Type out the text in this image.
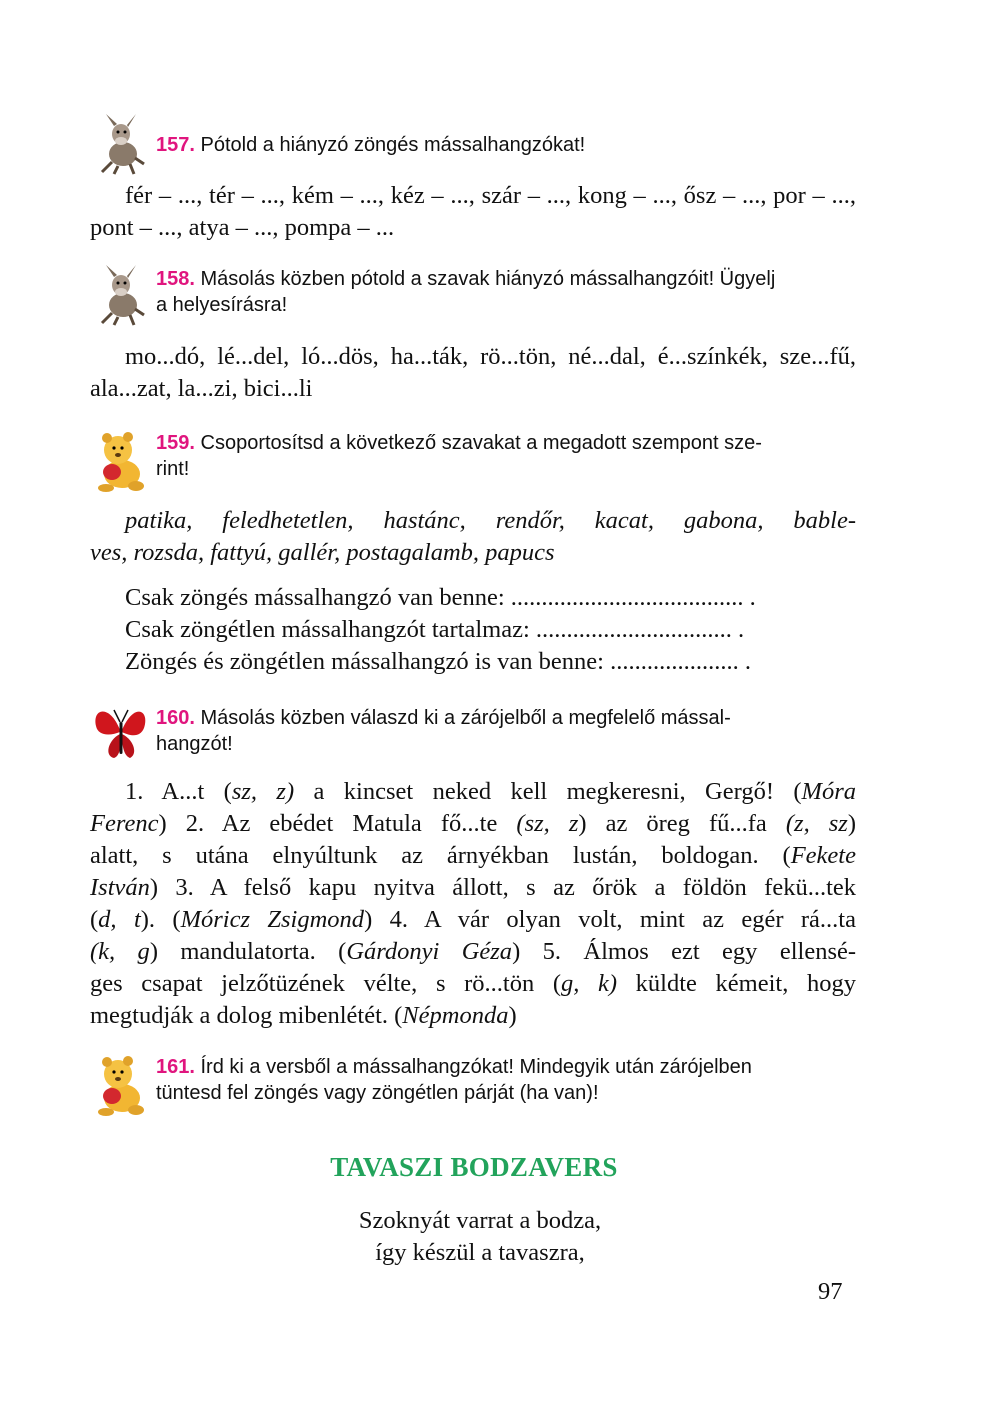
157. Pótold a hiányzó zöngés mássalhangzókat!
fér – ..., tér – ..., kém – ..., kéz – ..., szár – ..., kong – ..., ősz – ..., por – ..., pont – ..., atya – ..., pompa – ...
158. Másolás közben pótold a szavak hiányzó mássalhangzóit! Ügyelj
a helyesírásra!
mo...dó, lé...del, ló...dös, ha...ták, rö...tön, né...dal, é...színkék, sze...fű, ala...zat, la...zi, bici...li
159. Csoportosítsd a következő szavakat a megadott szempont sze-
rint!
patika, feledhetetlen, hastánc, rendőr, kacat, gabona, bable-
ves, rozsda, fattyú, gallér, postagalamb, papucs
Csak zöngés mássalhangzó van benne: ...................................... .
Csak zöngétlen mássalhangzót tartalmaz: ................................ .
Zöngés és zöngétlen mássalhangzó is van benne: ..................... .
160. Másolás közben válaszd ki a zárójelből a megfelelő mással-
hangzót!
1. A...t (sz, z) a kincset neked kell megkeresni, Gergő! (Móra
Ferenc) 2. Az ebédet Matula fő...te (sz, z) az öreg fű...fa (z, sz)
alatt, s utána elnyúltunk az árnyékban lustán, boldogan. (Fekete
István) 3. A felső kapu nyitva állott, s az őrök a földön fekü...tek
(d, t). (Móricz Zsigmond) 4. A vár olyan volt, mint az egér rá...ta
(k, g) mandulatorta. (Gárdonyi Géza) 5. Álmos ezt egy ellensé-
ges csapat jelzőtüzének vélte, s rö...tön (g, k) küldte kémeit, hogy
megtudják a dolog mibenlétét. (Népmonda)
161. Írd ki a versből a mássalhangzókat! Mindegyik után zárójelben
tüntesd fel zöngés vagy zöngétlen párját (ha van)!
TAVASZI BODZAVERS
Szoknyát varrat a bodza,
így készül a tavaszra,
97
